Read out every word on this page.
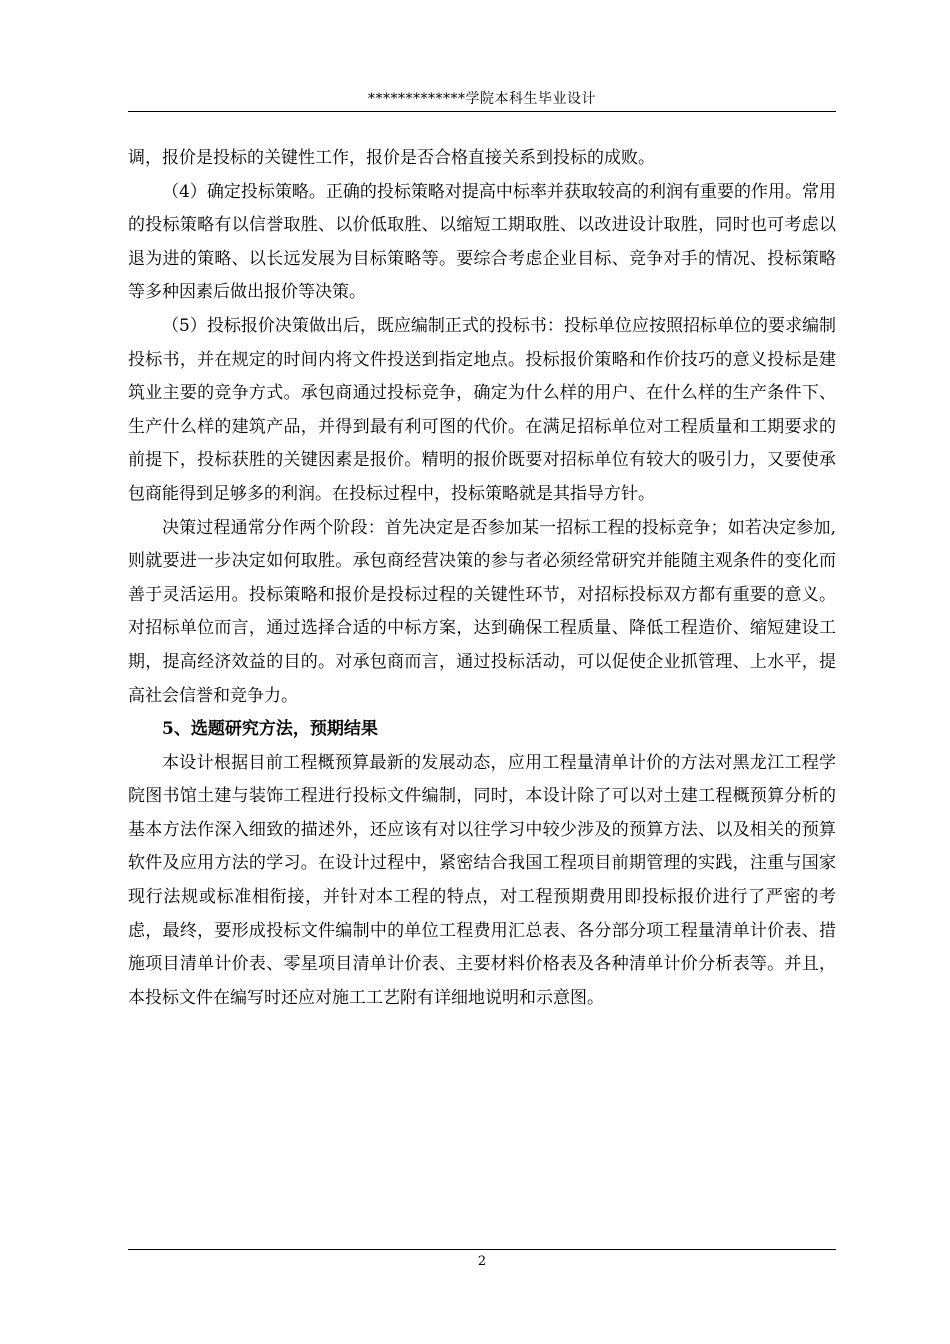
*************学院本科生毕业设计

调，报价是投标的关键性工作，报价是否合格直接关系到投标的成败。

（4）确定投标策略。正确的投标策略对提高中标率并获取较高的利润有重要的作用。常用的投标策略有以信誉取胜、以价低取胜、以缩短工期取胜、以改进设计取胜，同时也可考虑以退为进的策略、以长远发展为目标策略等。要综合考虑企业目标、竞争对手的情况、投标策略等多种因素后做出报价等决策。

（5）投标报价决策做出后，既应编制正式的投标书：投标单位应按照招标单位的要求编制投标书，并在规定的时间内将文件投送到指定地点。投标报价策略和作价技巧的意义投标是建筑业主要的竞争方式。承包商通过投标竞争，确定为什么样的用户、在什么样的生产条件下、生产什么样的建筑产品，并得到最有利可图的代价。在满足招标单位对工程质量和工期要求的前提下，投标获胜的关键因素是报价。精明的报价既要对招标单位有较大的吸引力，又要使承包商能得到足够多的利润。在投标过程中，投标策略就是其指导方针。

决策过程通常分作两个阶段：首先决定是否参加某一招标工程的投标竞争；如若决定参加,则就要进一步决定如何取胜。承包商经营决策的参与者必须经常研究并能随主观条件的变化而善于灵活运用。投标策略和报价是投标过程的关键性环节，对招标投标双方都有重要的意义。对招标单位而言，通过选择合适的中标方案，达到确保工程质量、降低工程造价、缩短建设工期，提高经济效益的目的。对承包商而言，通过投标活动，可以促使企业抓管理、上水平，提高社会信誉和竞争力。

5、选题研究方法，预期结果

本设计根据目前工程概预算最新的发展动态，应用工程量清单计价的方法对黑龙江工程学院图书馆土建与装饰工程进行投标文件编制，同时，本设计除了可以对土建工程概预算分析的基本方法作深入细致的描述外，还应该有对以往学习中较少涉及的预算方法、以及相关的预算软件及应用方法的学习。在设计过程中，紧密结合我国工程项目前期管理的实践，注重与国家现行法规或标准相衔接，并针对本工程的特点，对工程预期费用即投标报价进行了严密的考虑，最终，要形成投标文件编制中的单位工程费用汇总表、各分部分项工程量清单计价表、措施项目清单计价表、零星项目清单计价表、主要材料价格表及各种清单计价分析表等。并且，本投标文件在编写时还应对施工工艺附有详细地说明和示意图。

2
